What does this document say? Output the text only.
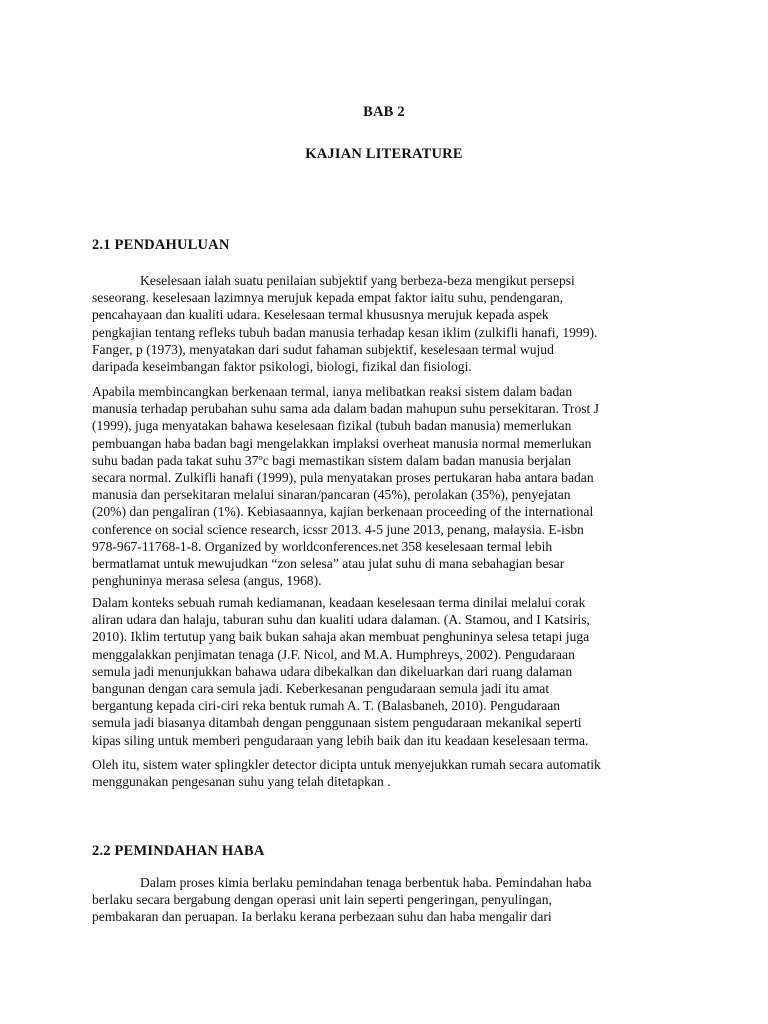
BAB 2
KAJIAN LITERATURE
2.1 PENDAHULUAN

Keselesaan ialah suatu penilaian subjektif yang berbeza-beza mengikut persepsi
seseorang. keselesaan lazimnya merujuk kepada empat faktor iaitu suhu, pendengaran,
pencahayaan dan kualiti udara. Keselesaan termal khususnya merujuk kepada aspek
pengkajian tentang refleks tubuh badan manusia terhadap kesan iklim (zulkifli hanafi, 1999).
Fanger, p (1973), menyatakan dari sudut fahaman subjektif, keselesaan termal wujud
daripada keseimbangan faktor psikologi, biologi, fizikal dan fisiologi.

Apabila membincangkan berkenaan termal, ianya melibatkan reaksi sistem dalam badan
manusia terhadap perubahan suhu sama ada dalam badan mahupun suhu persekitaran. Trost J
(1999), juga menyatakan bahawa keselesaan fizikal (tubuh badan manusia) memerlukan
pembuangan haba badan bagi mengelakkan implaksi overheat manusia normal memerlukan
suhu badan pada takat suhu 37ºc bagi memastikan sistem dalam badan manusia berjalan
secara normal. Zulkifli hanafi (1999), pula menyatakan proses pertukaran haba antara badan
manusia dan persekitaran melalui sinaran/pancaran (45%), perolakan (35%), penyejatan
(20%) dan pengaliran (1%). Kebiasaannya, kajian berkenaan proceeding of the international
conference on social science research, icssr 2013. 4-5 june 2013, penang, malaysia. E-isbn
978-967-11768-1-8. Organized by worldconferences.net 358 keselesaan termal lebih
bermatlamat untuk mewujudkan “zon selesa” atau julat suhu di mana sebahagian besar
penghuninya merasa selesa (angus, 1968).

Dalam konteks sebuah rumah kediamanan, keadaan keselesaan terma dinilai melalui corak
aliran udara dan halaju, taburan suhu dan kualiti udara dalaman. (A. Stamou, and I Katsiris,
2010). Iklim tertutup yang baik bukan sahaja akan membuat penghuninya selesa tetapi juga
menggalakkan penjimatan tenaga (J.F. Nicol, and M.A. Humphreys, 2002). Pengudaraan
semula jadi menunjukkan bahawa udara dibekalkan dan dikeluarkan dari ruang dalaman
bangunan dengan cara semula jadi. Keberkesanan pengudaraan semula jadi itu amat
bergantung kepada ciri-ciri reka bentuk rumah A. T. (Balasbaneh, 2010). Pengudaraan
semula jadi biasanya ditambah dengan penggunaan sistem pengudaraan mekanikal seperti
kipas siling untuk memberi pengudaraan yang lebih baik dan itu keadaan keselesaan terma.

Oleh itu, sistem water splingkler detector dicipta untuk menyejukkan rumah secara automatik
menggunakan pengesanan suhu yang telah ditetapkan .

2.2 PEMINDAHAN HABA

Dalam proses kimia berlaku pemindahan tenaga berbentuk haba. Pemindahan haba
berlaku secara bergabung dengan operasi unit lain seperti pengeringan, penyulingan,
pembakaran dan peruapan. Ia berlaku kerana perbezaan suhu dan haba mengalir dari
